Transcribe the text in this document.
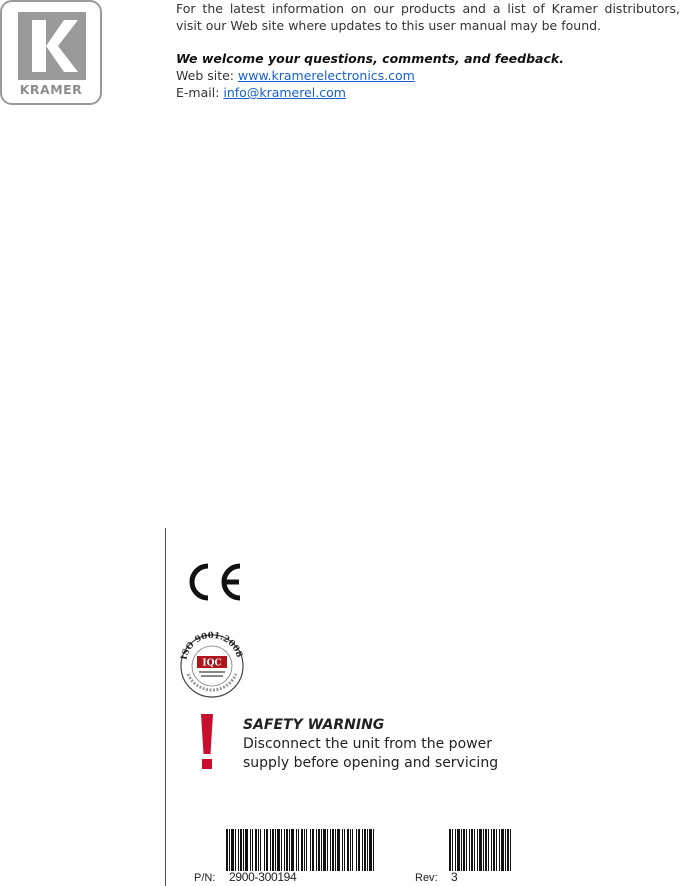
KRAMER

For the latest information on our products and a list of Kramer distributors,

visit our Web site where updates to this user manual may be found.

We welcome your questions, comments, and feedback.
Web site: www.kramerelectronics.com
E-mail: info@kramerel.com
ISO 9001:2008
IQC
SAFETY WARNING
Disconnect the unit from the power
supply before opening and servicing
P/N: 2900-300194	Rev: 3
